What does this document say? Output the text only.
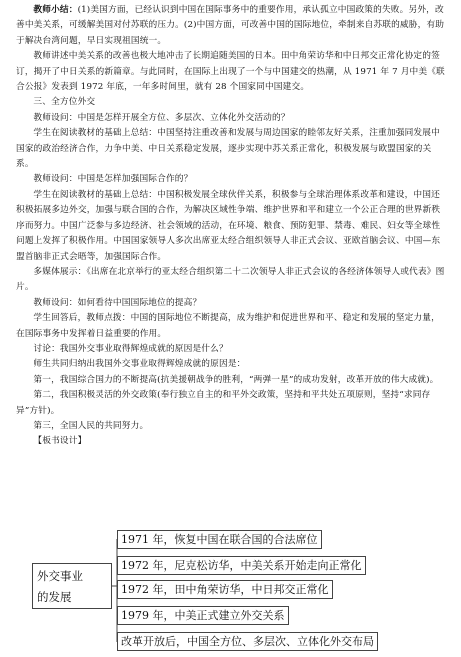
教师小结：(1)美国方面，已经认识到中国在国际事务中的重要作用，承认孤立中国政策的失败。另外，改善中美关系，可缓解美国对付苏联的压力。(2)中国方面，可改善中国的国际地位，牵制来自苏联的威胁，有助于解决台湾问题，早日实现祖国统一。

教师讲述中美关系的改善也极大地冲击了长期追随美国的日本。田中角荣访华和中日邦交正常化协定的签订，揭开了中日关系的新篇章。与此同时，在国际上出现了一个与中国建交的热潮，从 1971 年 7 月中美《联合公报》发表到 1972 年底，一年多时间里，就有 28 个国家同中国建交。

三、全方位外交

教师设问：中国是怎样开展全方位、多层次、立体化外交活动的？

学生在阅读教材的基础上总结：中国坚持注重改善和发展与周边国家的睦邻友好关系，注重加强同发展中国家的政治经济合作，力争中美、中日关系稳定发展，逐步实现中苏关系正常化，积极发展与欧盟国家的关系。

教师设问：中国是怎样加强国际合作的？

学生在阅读教材的基础上总结：中国积极发展全球伙伴关系，积极参与全球治理体系改革和建设，中国还积极拓展多边外交，加强与联合国的合作，为解决区域性争端、维护世界和平和建立一个公正合理的世界新秩序而努力。中国广泛参与多边经济、社会领域的活动，在环境、粮食、预防犯罪、禁毒、难民、妇女等全球性问题上发挥了积极作用。中国国家领导人多次出席亚太经合组织领导人非正式会议、亚欧首脑会议、中国—东盟首脑非正式会晤等，加强国际合作。

多媒体展示：《出席在北京举行的亚太经合组织第二十二次领导人非正式会议的各经济体领导人或代表》图片。

教师设问：如何看待中国国际地位的提高？

学生回答后，教师点拨：中国的国际地位不断提高，成为维护和促进世界和平、稳定和发展的坚定力量，在国际事务中发挥着日益重要的作用。

讨论：我国外交事业取得辉煌成就的原因是什么？

师生共同归纳出我国外交事业取得辉煌成就的原因是：

第一，我国综合国力的不断提高(抗美援朝战争的胜利，“两弹一星”的成功发射，改革开放的伟大成就)。

第二，我国积极灵活的外交政策(奉行独立自主的和平外交政策，坚持和平共处五项原则，坚持“求同存异”方针)。

第三，全国人民的共同努力。

【板书设计】

外交事业
的发展
1971 年，恢复中国在联合国的合法席位
1972 年，尼克松访华，中美关系开始走向正常化
1972 年，田中角荣访华，中日邦交正常化
1979 年，中美正式建立外交关系
改革开放后，中国全方位、多层次、立体化外交布局
